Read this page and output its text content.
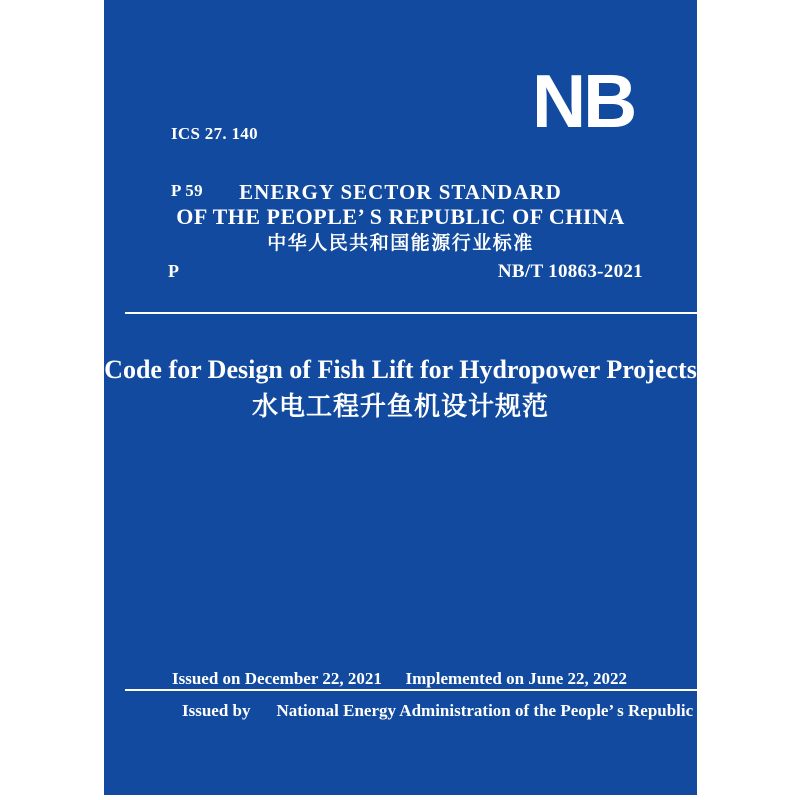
ICS 27. 140

P 59

NB
ENERGY SECTOR STANDARD
OF THE PEOPLE’ S REPUBLIC OF CHINA
中华人民共和国能源行业标准
P	NB/T 10863-2021
Code for Design of Fish Lift for Hydropower Projects
水电工程升鱼机设计规范
Issued on December 22, 2021 Implemented on June 22, 2022
Issued by National Energy Administration of the People’ s Republic of China
